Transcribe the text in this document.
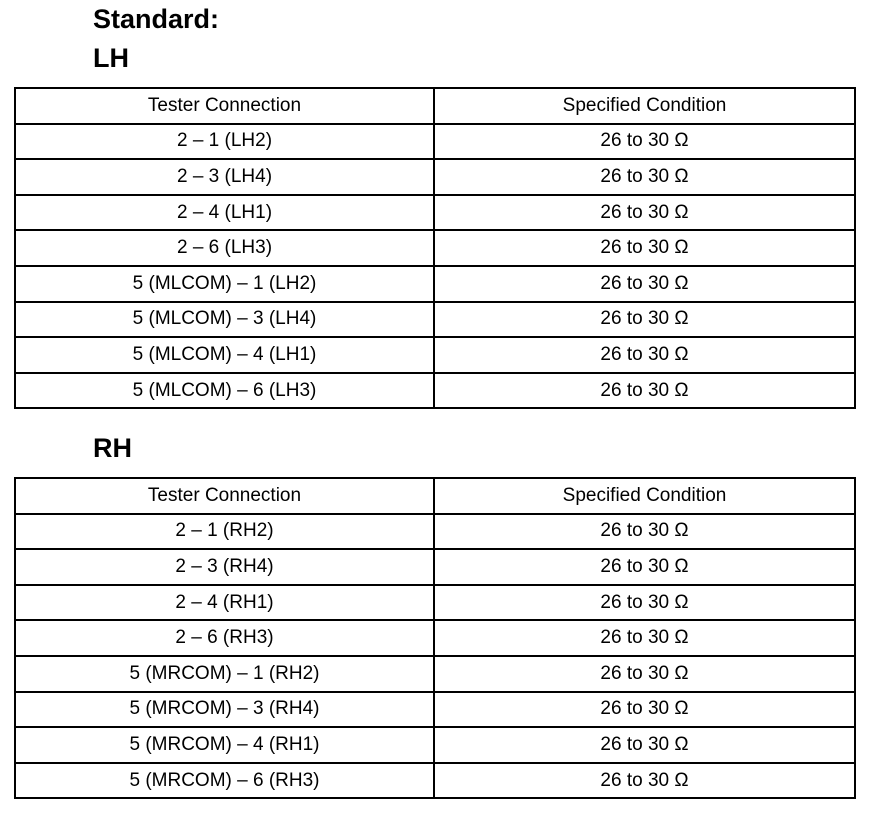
Standard:
LH
Tester Connection	Specified Condition
2 – 1 (LH2)	26 to 30 Ω
2 – 3 (LH4)	26 to 30 Ω
2 – 4 (LH1)	26 to 30 Ω
2 – 6 (LH3)	26 to 30 Ω
5 (MLCOM) – 1 (LH2)	26 to 30 Ω
5 (MLCOM) – 3 (LH4)	26 to 30 Ω
5 (MLCOM) – 4 (LH1)	26 to 30 Ω
5 (MLCOM) – 6 (LH3)	26 to 30 Ω
RH
Tester Connection	Specified Condition
2 – 1 (RH2)	26 to 30 Ω
2 – 3 (RH4)	26 to 30 Ω
2 – 4 (RH1)	26 to 30 Ω
2 – 6 (RH3)	26 to 30 Ω
5 (MRCOM) – 1 (RH2)	26 to 30 Ω
5 (MRCOM) – 3 (RH4)	26 to 30 Ω
5 (MRCOM) – 4 (RH1)	26 to 30 Ω
5 (MRCOM) – 6 (RH3)	26 to 30 Ω
